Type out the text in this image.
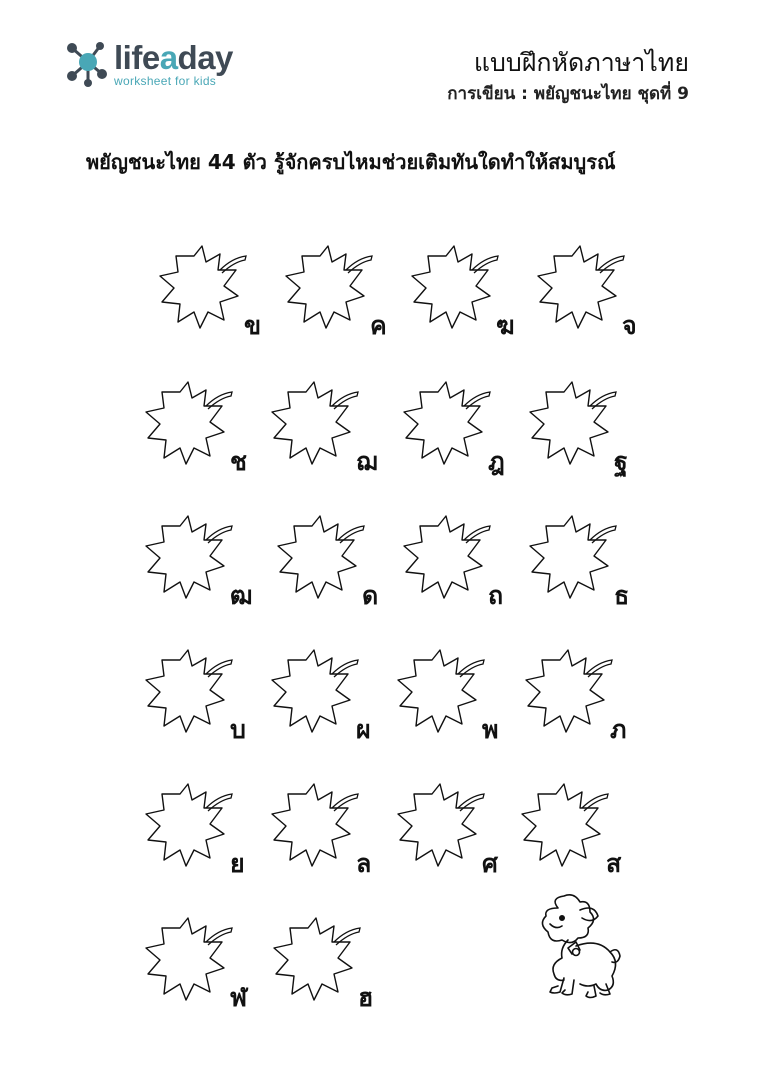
lifeaday
worksheet for kids
แบบฝึกหัดภาษาไทย
การเขียน : พยัญชนะไทย ชุดที่ 9
พยัญชนะไทย 44 ตัว รู้จักครบไหมช่วยเติมทันใดทำให้สมบูรณ์
ข	ค	ฆ	จ
ช	ฌ	ฎ	ฐ
ฒ	ด	ถ	ธ
บ	ผ	พ	ภ
ย	ล	ศ	ส
ฬ	ฮ
